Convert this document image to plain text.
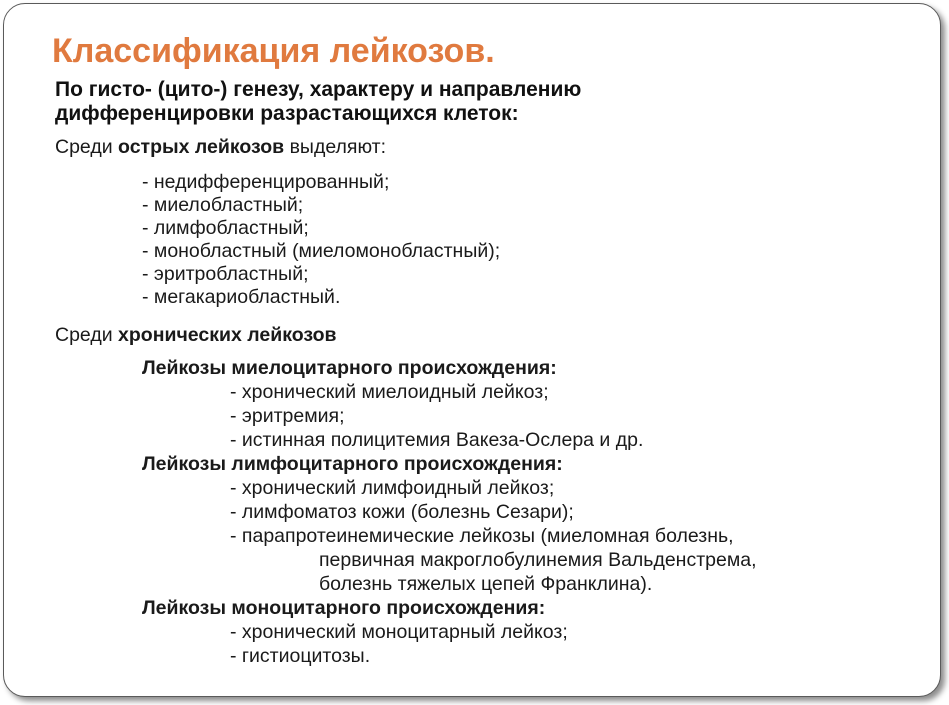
Классификация лейкозов.
По гисто- (цито-) генезу, характеру и направлению
дифференцировки разрастающихся клеток:
Среди острых лейкозов выделяют:
- недифференцированный;
- миелобластный;
- лимфобластный;
- монобластный (миеломонобластный);
- эритробластный;
- мегакариобластный.
Среди хронических лейкозов
Лейкозы миелоцитарного происхождения:
- хронический миелоидный лейкоз;
- эритремия;
- истинная полицитемия Вакеза-Ослера и др.
Лейкозы лимфоцитарного происхождения:
- хронический лимфоидный лейкоз;
- лимфоматоз кожи (болезнь Сезари);
- парапротеинемические лейкозы (миеломная болезнь,
первичная макроглобулинемия Вальденстрема,
болезнь тяжелых цепей Франклина).
Лейкозы моноцитарного происхождения:
- хронический моноцитарный лейкоз;
- гистиоцитозы.
